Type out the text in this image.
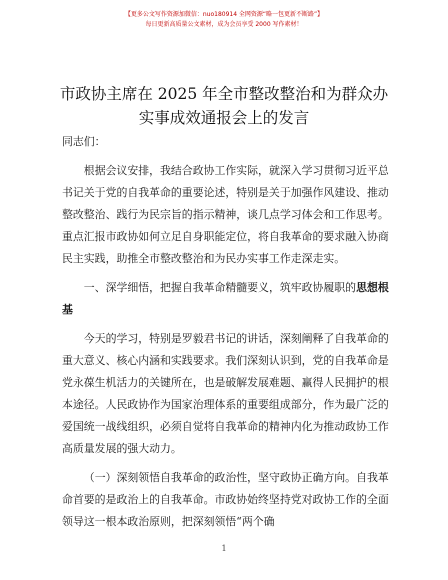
【更多公文写作资源加微信：nuo180914 全网资源“略一包更新不断路”】
每日更新高质量公文素材，成为会员享受 2000 写作素材！
市政协主席在 2025 年全市整改整治和为群众办
实事成效通报会上的发言

同志们：

根据会议安排，我结合政协工作实际，就深入学习贯彻习近平总书记关于党的自我革命的重要论述，特别是关于加强作风建设、推动整改整治、践行为民宗旨的指示精神，谈几点学习体会和工作思考。重点汇报市政协如何立足自身职能定位，将自我革命的要求融入协商民主实践，助推全市整改整治和为民办实事工作走深走实。

一、深学细悟，把握自我革命精髓要义，筑牢政协履职的思想根基

今天的学习，特别是罗毅君书记的讲话，深刻阐释了自我革命的重大意义、核心内涵和实践要求。我们深刻认识到，党的自我革命是党永葆生机活力的关键所在，也是破解发展难题、赢得人民拥护的根本途径。人民政协作为国家治理体系的重要组成部分，作为最广泛的爱国统一战线组织，必须自觉将自我革命的精神内化为推动政协工作高质量发展的强大动力。

（一）深刻领悟自我革命的政治性，坚守政协正确方向。自我革命首要的是政治上的自我革命。市政协始终坚持党对政协工作的全面领导这一根本政治原则，把深刻领悟“两个确

1
